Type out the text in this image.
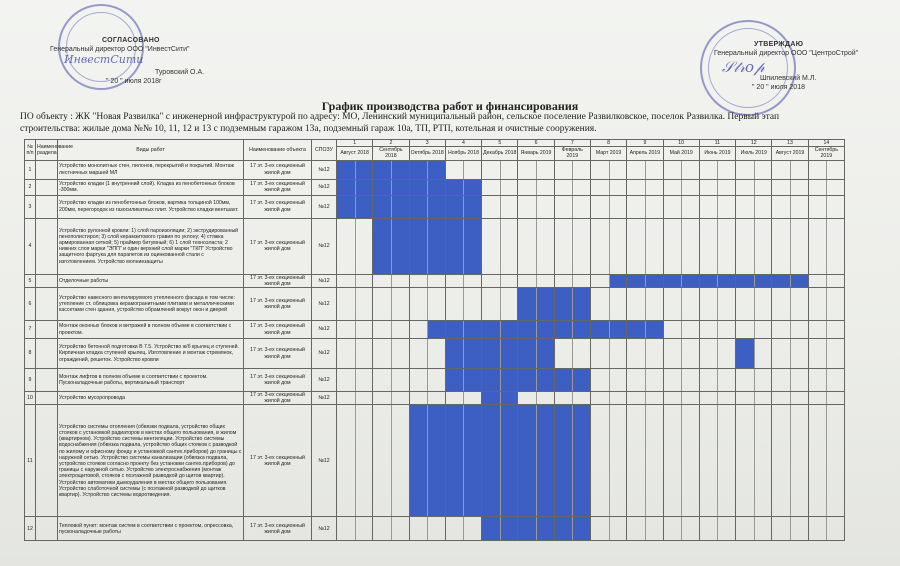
ИнвестСити
СОГЛАСОВАНО
Генеральный директор ООО "ИнвестСити"
Туровский О.А.
" 20 " июля 2018г
𝒮𝓉𝓇𝑜𝓅
УТВЕРЖДАЮ
Генеральный директор ООО "ЦентроСтрой"
Шпилевский М.Л.
" 20 " июля 2018
График производства работ и финансирования
ПО объекту : ЖК "Новая Развилка" с инженерной инфраструктурой по адресу: МО, Ленинский муниципальный район, сельское поселение Развилковское, поселок Развилка. Первый этап
строительства: жилые дома №№ 10, 11, 12 и 13 с подземным гаражом 13а, подземный гараж 10а, ТП, РТП, котельная и очистные сооружения.
№ п/п	Наименование раздела	Виды работ	Наименование объекта	СПОЗУ	1	2	3	4	5	6	7	8	9	10	11	12	13	14
					Август 2018	Сентябрь 2018	Октябрь 2018	Ноябрь 2018	Декабрь 2018	Январь 2019	Февраль 2019	Март 2019	Апрель 2019	Май 2019	Июнь 2019	Июль 2019	Август 2019	Сентябрь 2019
1		Устройство монолитных стен, пилонов, перекрытий и покрытий. Монтаж лестничных маршей МЛ	17 эт. 3-ех секционный жилой дом	№12	

2		Устройство кладки (1 внутренний слой). Кладка из пенобетонных блоков -300мм.	17 эт. 3-ех секционный жилой дом	№12	

3		Устройство кладки из пенобетонных блоков, вартика толщиной 100мм, 200мм, перегородок из газосиликатных плит. Устройство кладки вентшахт.	17 эт. 3-ех секционный жилой дом	№12	

4		Устройство рулонной кровли: 1) слой пароизоляции; 2) экструдированный пенополистирол; 3) слой керамзитового гравия по уклону; 4) стяжка армированная сеткой; 5) праймер битумный; 6) 1 слой техноэласта; 2 нижних слоя марки "ЭПП" и один верхний слой марки "ТКП" Устройство защитного фартука для парапетов из оцинкованной стали с изготовлением. Устройство молниезащиты	17 эт. 3-ех секционный жилой дом	№12	

5		Отделочные работы	17 эт. 3-ех секционный жилой дом	№12	

6		Устройство навесного вентилируемого утепленного фасада в том числе: утепление ст. облицовка керамогранитными плитами и металлическими кассетами стен здания, устройство обрамлений вокруг окон и дверей	17 эт. 3-ех секционный жилой дом	№12	

7		Монтаж оконных блоков и витражей в полном объеме в соответствии с проектом.	17 эт. 3-ех секционный жилой дом	№12	

8		Устройство бетонной подготовки В 7.5. Устройство ж/б крылец и ступеней. Кирпичная кладка ступеней крылец. Изготовление и монтаж стремянок, ограждений, решеток. Устройство кровли	17 эт. 3-ех секционный жилой дом	№12	

9		Монтаж лифтов в полном объеме в соответствии с проектом. Пусконаладочные работы, вертикальный транспорт	17 эт. 3-ех секционный жилой дом	№12	

10		Устройство мусоропровода	17 эт. 3-ех секционный жилой дом	№12	

11		Устройство системы отопления (обвязки подвала, устройство общих стояков с установкой радиаторов в местах общего пользования, в жилом (квартирном). Устройство системы вентиляции. Устройство системы водоснабжения (обвязка подвала, устройство общих стояков с разводкой по жилому и офисному фонду и установкой сантех.приборов) до границы с наружной сетью. Устройство системы канализации (обвязка подвала, устройство стояков согласно проекту без установки сантех.приборов) до границы с наружной сетью. Устройство электроснабжения (монтаж электрощитовой, стояков с поэтажной разводкой до щитов квартир). Устройство автоматики дымоудаления в местах общего пользования. Устройство слаботочной системы (с поэтажной разводкой до щитков квартир). Устройство системы водоотведения.	17 эт. 3-ех секционный жилой дом	№12	

12		Тепловой пункт: монтаж систем в соответствии с проектом, опрессовка, пусконаладочные работы	17 эт. 3-ех секционный жилой дом	№12	
